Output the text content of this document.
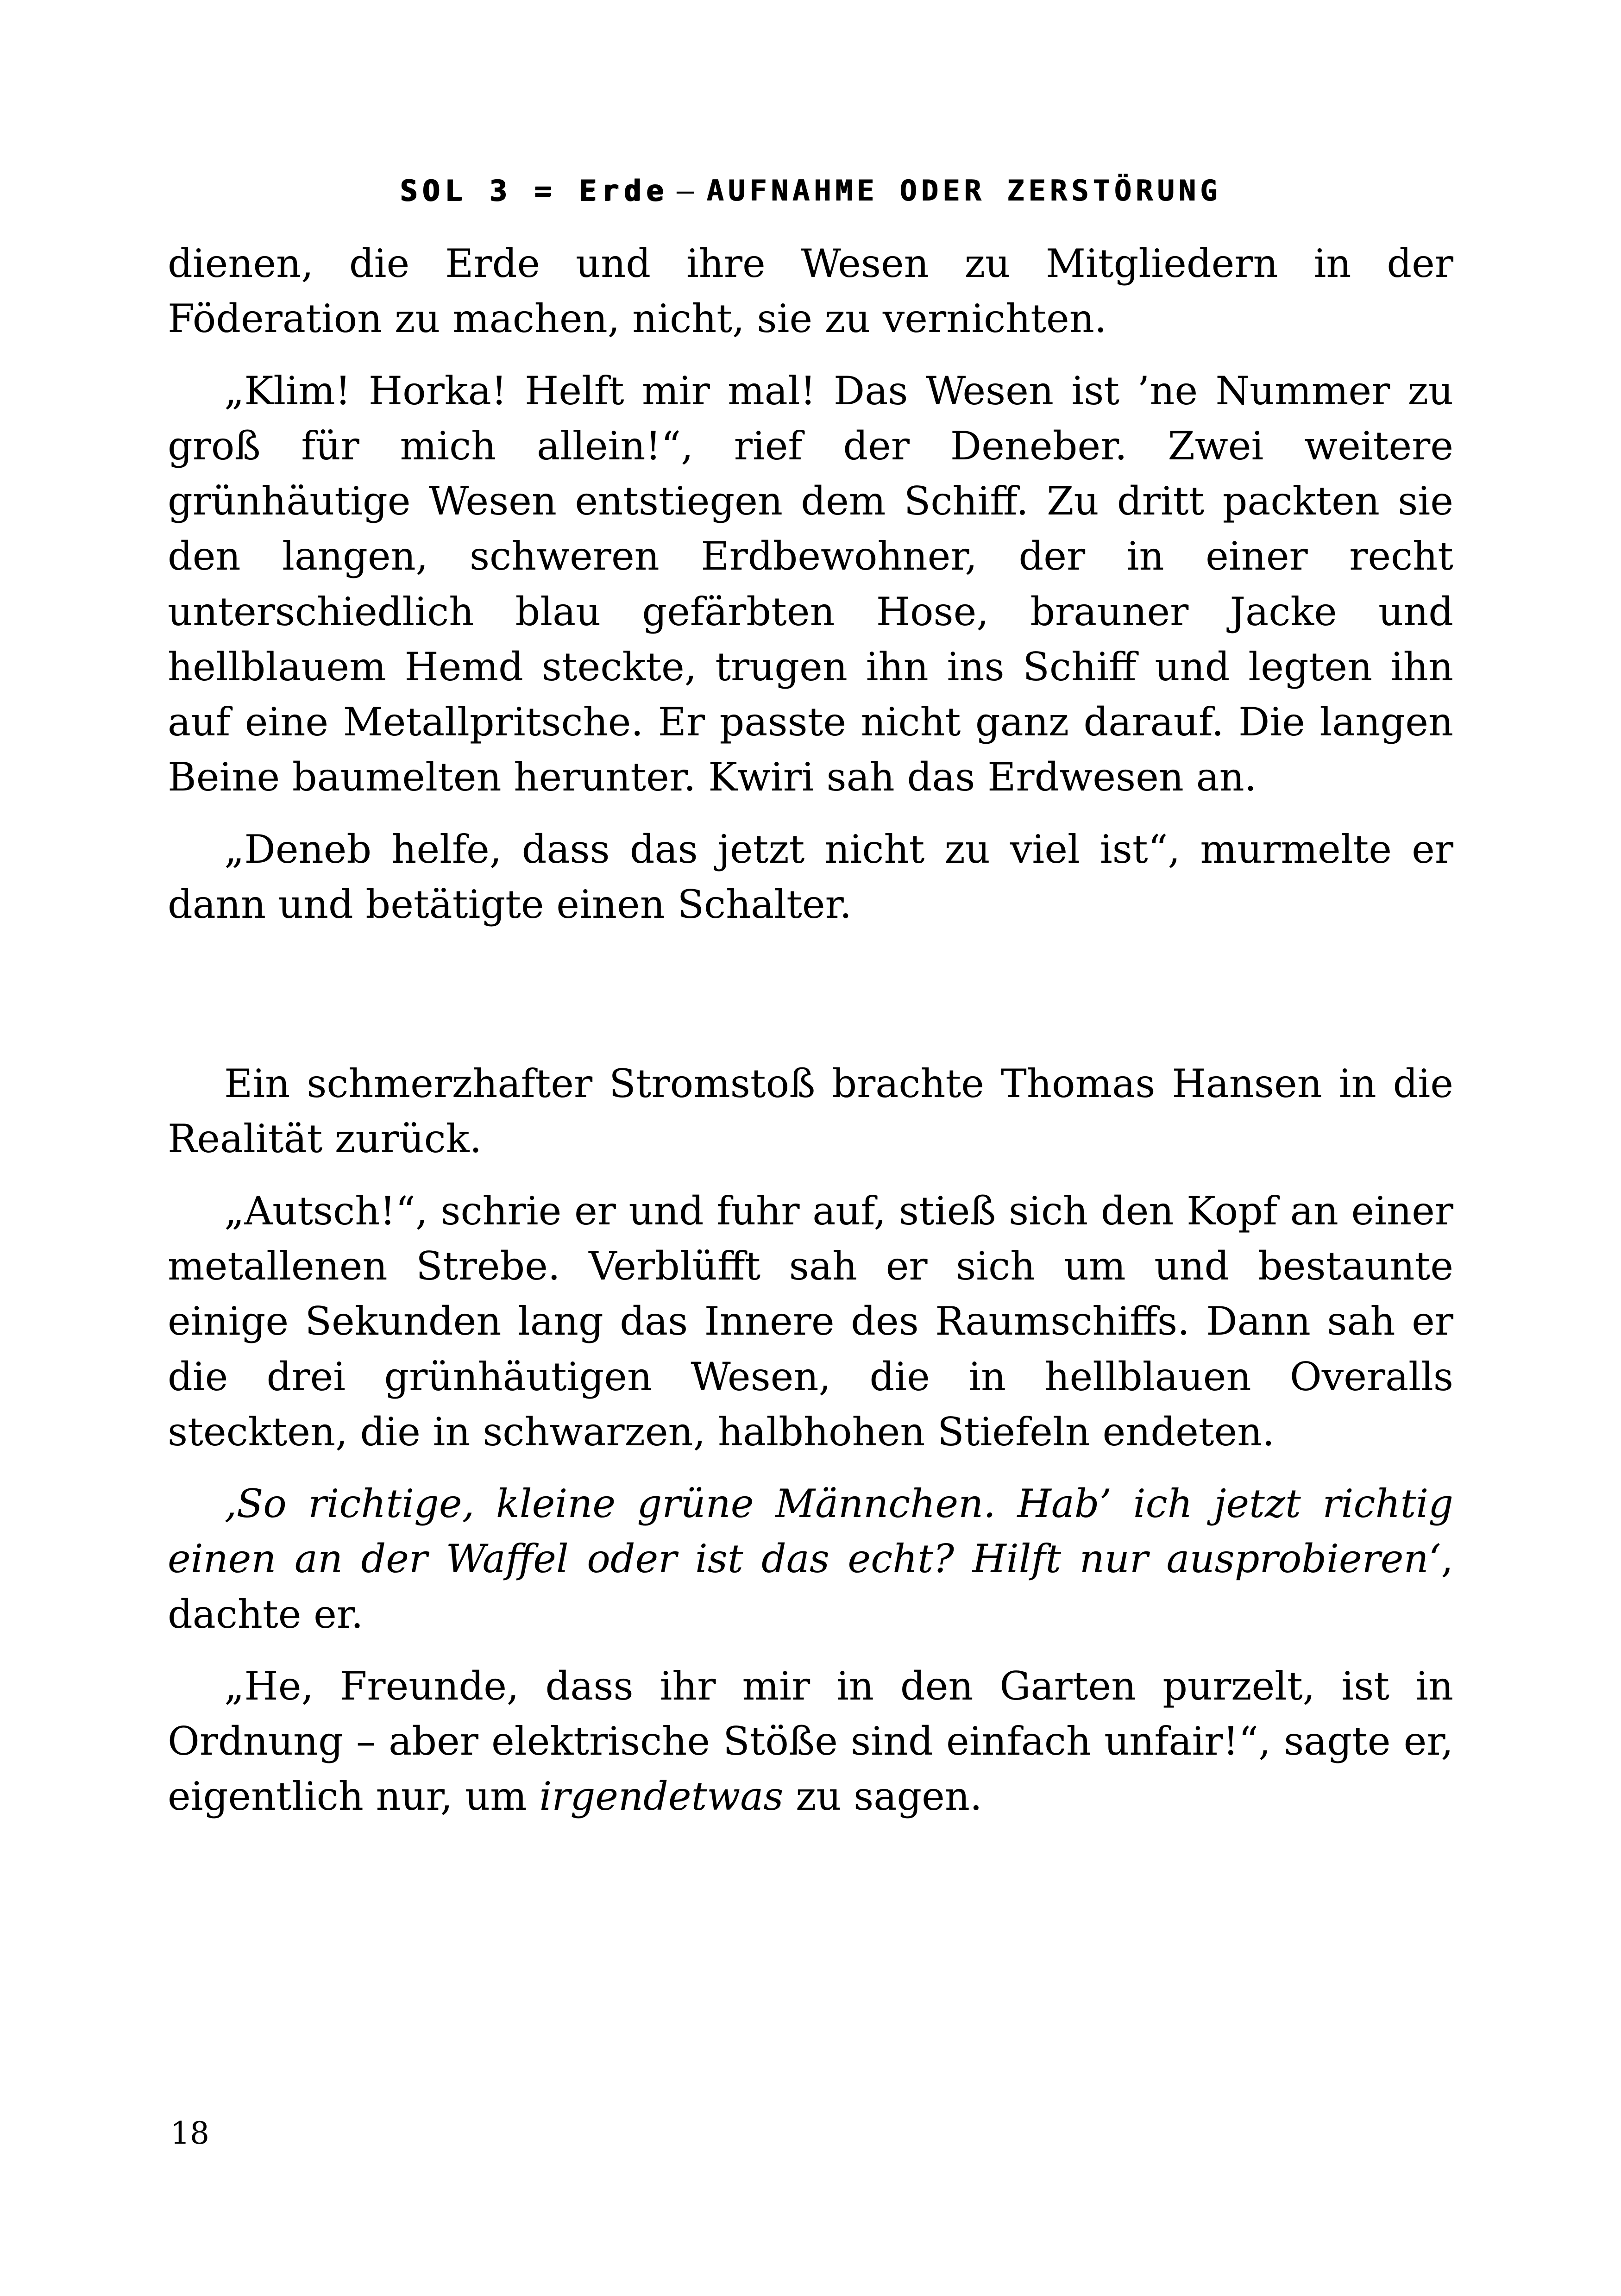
SOL 3 = Erde – AUFNAHME ODER ZERSTÖRUNG

dienen, die Erde und ihre Wesen zu Mitgliedern in der Föderation zu machen, nicht, sie zu vernichten.

„Klim! Horka! Helft mir mal! Das Wesen ist ’ne Nummer zu groß für mich allein!“, rief der Deneber. Zwei weitere grünhäutige Wesen entstiegen dem Schiff. Zu dritt packten sie den langen, schweren Erdbewohner, der in einer recht unterschiedlich blau gefärbten Hose, brauner Jacke und hellblauem Hemd steckte, trugen ihn ins Schiff und legten ihn auf eine Metallpritsche. Er passte nicht ganz darauf. Die langen Beine baumelten herunter. Kwiri sah das Erdwesen an.

„Deneb helfe, dass das jetzt nicht zu viel ist“, murmelte er dann und betätigte einen Schalter.

Ein schmerzhafter Stromstoß brachte Thomas Hansen in die Realität zurück.

„Autsch!“, schrie er und fuhr auf, stieß sich den Kopf an einer metallenen Strebe. Verblüfft sah er sich um und bestaunte einige Sekunden lang das Innere des Raumschiffs. Dann sah er die drei grünhäutigen Wesen, die in hellblauen Overalls steckten, die in schwarzen, halbhohen Stiefeln endeten.

‚So richtige, kleine grüne Männchen. Hab’ ich jetzt richtig einen an der Waffel oder ist das echt? Hilft nur ausprobieren‘, dachte er.

„He, Freunde, dass ihr mir in den Garten purzelt, ist in Ordnung – aber elektrische Stöße sind einfach unfair!“, sagte er, eigentlich nur, um irgendetwas zu sagen.

18
